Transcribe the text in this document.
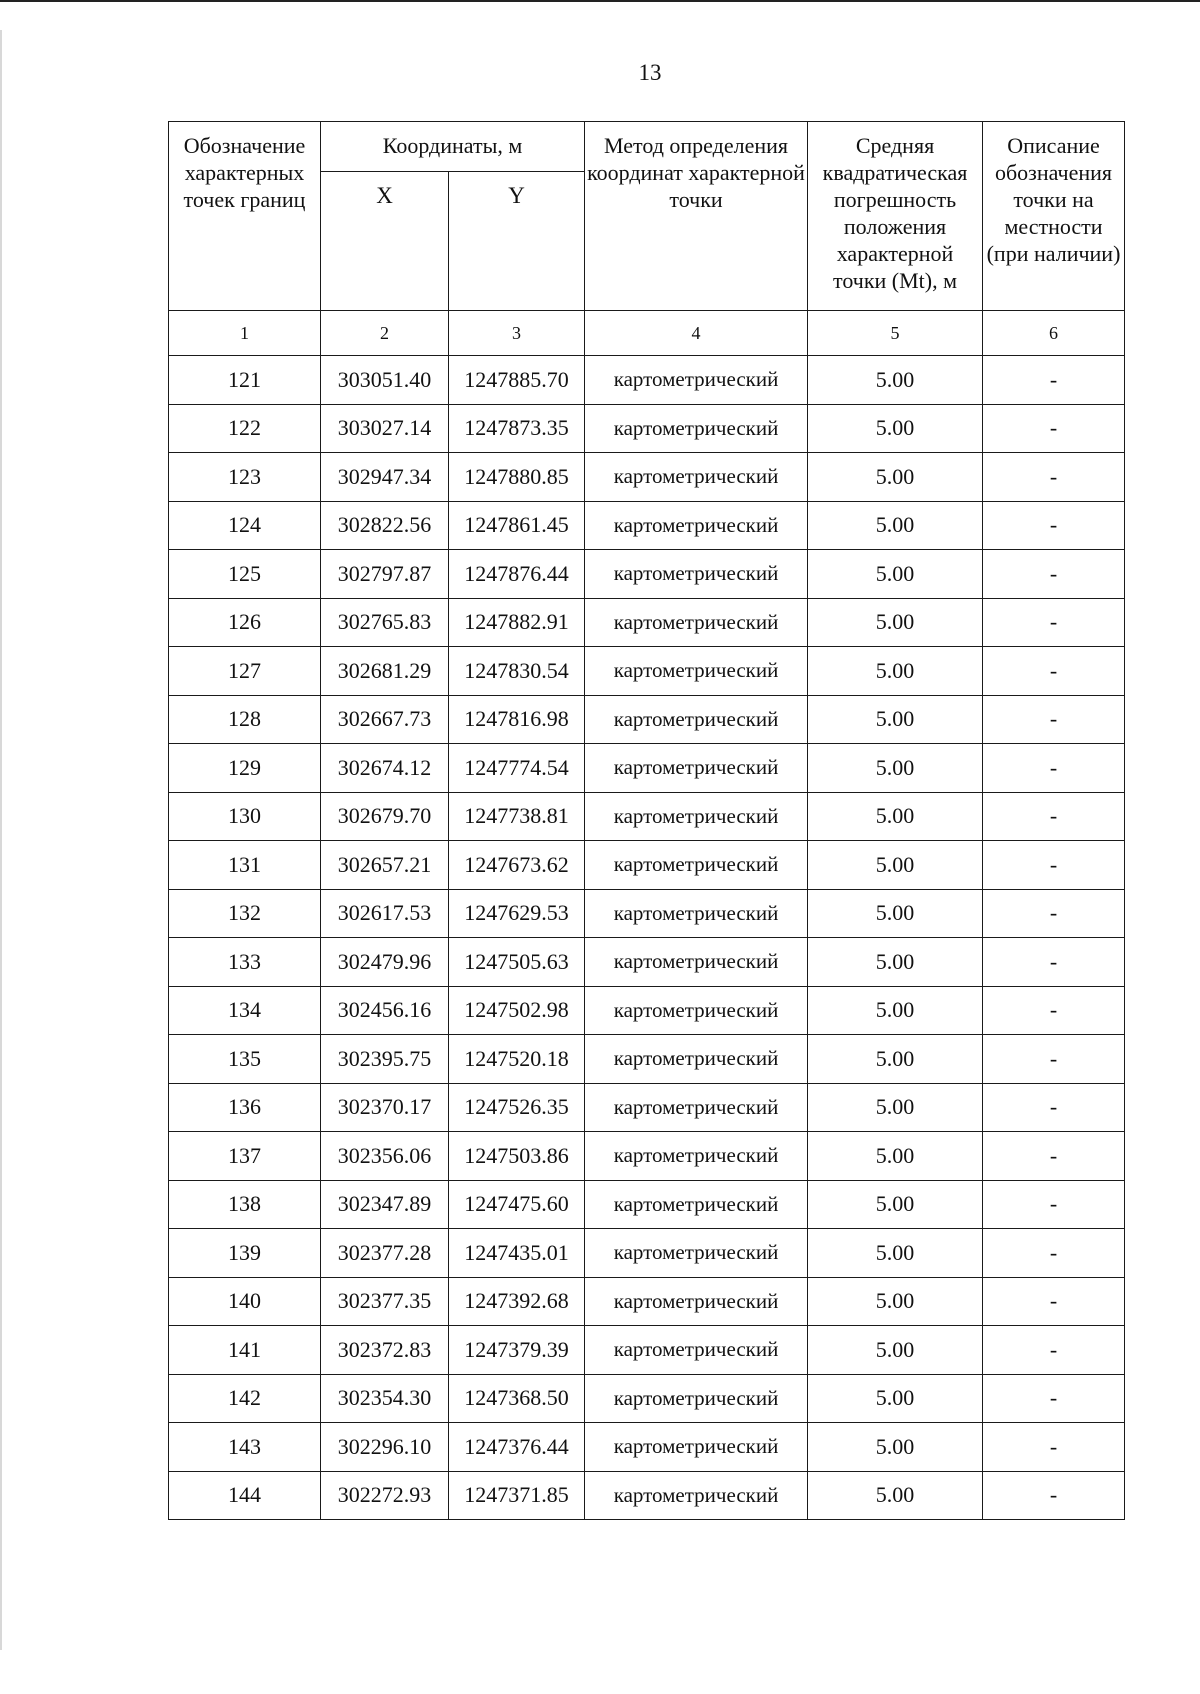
13
Обозначение характерных точек границ	Координаты, м		Метод определения координат характерной точки	Средняя квадратическая погрешность положения характерной точки (Mt), м	Описание обозначения точки на местности (при наличии)
	X	Y			
1	2	3	4	5	6
121	303051.40	1247885.70	картометрический	5.00	-
122	303027.14	1247873.35	картометрический	5.00	-
123	302947.34	1247880.85	картометрический	5.00	-
124	302822.56	1247861.45	картометрический	5.00	-
125	302797.87	1247876.44	картометрический	5.00	-
126	302765.83	1247882.91	картометрический	5.00	-
127	302681.29	1247830.54	картометрический	5.00	-
128	302667.73	1247816.98	картометрический	5.00	-
129	302674.12	1247774.54	картометрический	5.00	-
130	302679.70	1247738.81	картометрический	5.00	-
131	302657.21	1247673.62	картометрический	5.00	-
132	302617.53	1247629.53	картометрический	5.00	-
133	302479.96	1247505.63	картометрический	5.00	-
134	302456.16	1247502.98	картометрический	5.00	-
135	302395.75	1247520.18	картометрический	5.00	-
136	302370.17	1247526.35	картометрический	5.00	-
137	302356.06	1247503.86	картометрический	5.00	-
138	302347.89	1247475.60	картометрический	5.00	-
139	302377.28	1247435.01	картометрический	5.00	-
140	302377.35	1247392.68	картометрический	5.00	-
141	302372.83	1247379.39	картометрический	5.00	-
142	302354.30	1247368.50	картометрический	5.00	-
143	302296.10	1247376.44	картометрический	5.00	-
144	302272.93	1247371.85	картометрический	5.00	-
